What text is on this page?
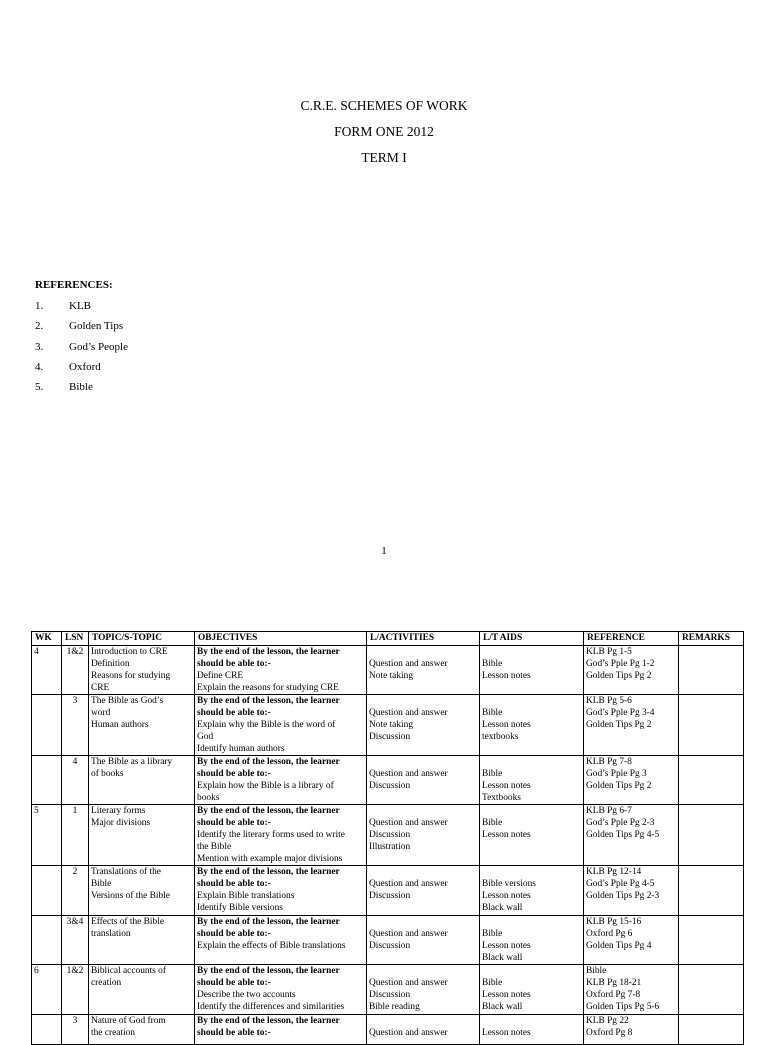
C.R.E. SCHEMES OF WORK
FORM ONE 2012
TERM I
REFERENCES:
1.	KLB
2.	Golden Tips
3.	God’s People
4.	Oxford
5.	Bible
1
WK	LSN	TOPIC/S-TOPIC	OBJECTIVES	L/ACTIVITIES	L/T AIDS	REFERENCE	REMARKS
4	1&2	Introduction to CRE
Definition
Reasons for studying
CRE	By the end of the lesson, the learner
should be able to:-
Define CRE
Explain the reasons for studying CRE	Question and answer
Note taking	Bible
Lesson notes	KLB Pg 1-5
God’s Pple Pg 1-2
Golden Tips Pg 2	

	3	The Bible as God’s
word
Human authors	By the end of the lesson, the learner
should be able to:-
Explain why the Bible is the word of
God
Identify human authors	Question and answer
Note taking
Discussion	Bible
Lesson notes
textbooks	KLB Pg 5-6
God’s Pple Pg 3-4
Golden Tips Pg 2	

	4	The Bible as a library
of books	By the end of the lesson, the learner
should be able to:-
Explain how the Bible is a library of
books	Question and answer
Discussion	Bible
Lesson notes
Textbooks	KLB Pg 7-8
God’s Pple Pg 3
Golden Tips Pg 2	

5	1	Literary forms
Major divisions	By the end of the lesson, the learner
should be able to:-
Identify the literary forms used to write
the Bible
Mention with example major divisions	Question and answer
Discussion
Illustration	Bible
Lesson notes	KLB Pg 6-7
God’s Pple Pg 2-3
Golden Tips Pg 4-5	

	2	Translations of the
Bible
Versions of the Bible	By the end of the lesson, the learner
should be able to:-
Explain Bible translations
Identify Bible versions	Question and answer
Discussion	Bible versions
Lesson notes
Black wall	KLB Pg 12-14
God’s Pple Pg 4-5
Golden Tips Pg 2-3	

	3&4	Effects of the Bible
translation	By the end of the lesson, the learner
should be able to:-
Explain the effects of Bible translations	Question and answer
Discussion	Bible
Lesson notes
Black wall	KLB Pg 15-16
Oxford Pg 6
Golden Tips Pg 4	

6	1&2	Biblical accounts of
creation	By the end of the lesson, the learner
should be able to:-
Describe the two accounts
Identify the differences and similarities	Question and answer
Discussion
Bible reading	Bible
Lesson notes
Black wall	Bible
KLB Pg 18-21
Oxford Pg 7-8
Golden Tips Pg 5-6	

	3	Nature of God from
the creation	By the end of the lesson, the learner
should be able to:-	Question and answer	Lesson notes	KLB Pg 22
Oxford Pg 8	
